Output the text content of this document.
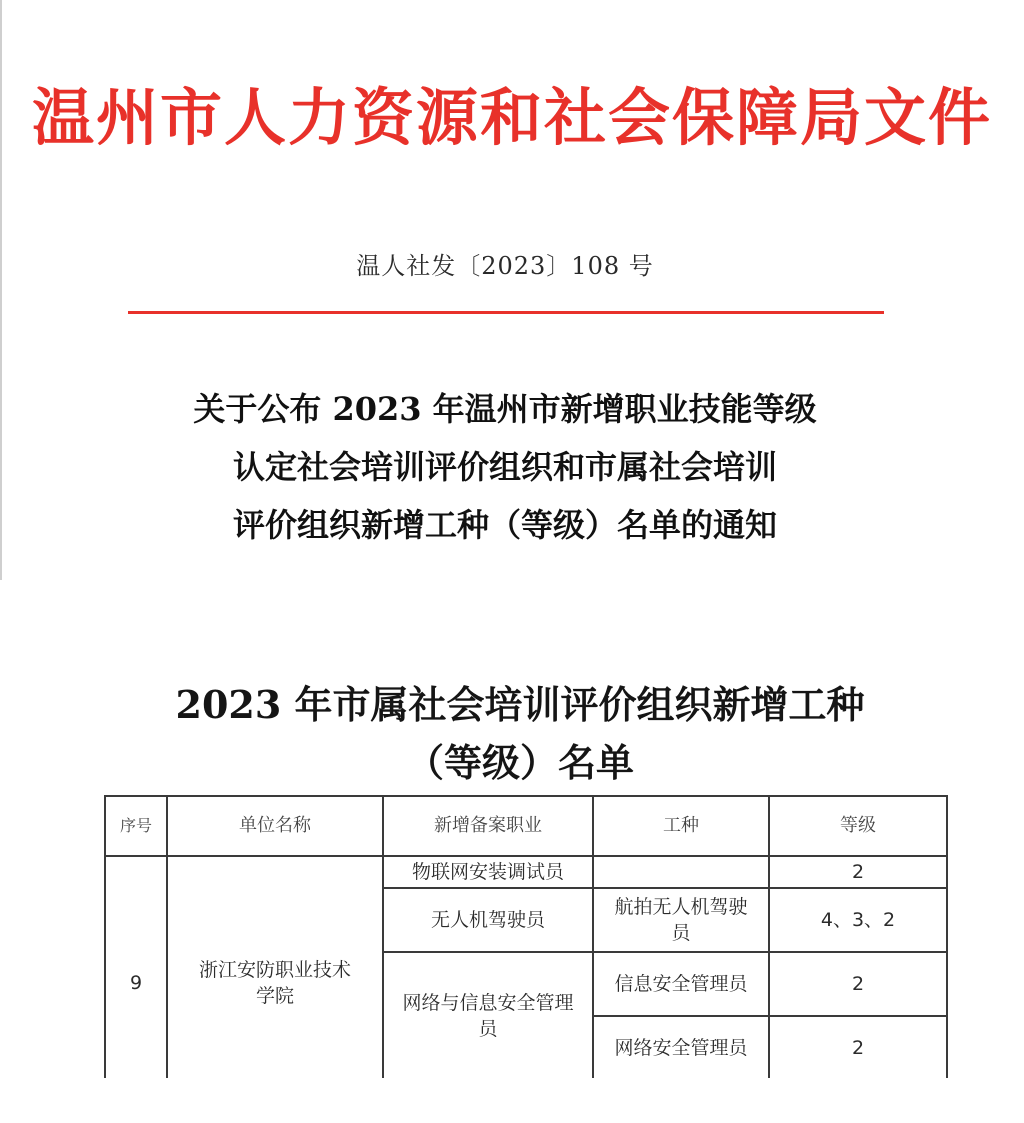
温州市人力资源和社会保障局文件
温人社发〔2023〕108 号
关于公布 2023 年温州市新增职业技能等级
认定社会培训评价组织和市属社会培训
评价组织新增工种（等级）名单的通知
2023 年市属社会培训评价组织新增工种
（等级）名单
序号	单位名称	新增备案职业	工种	等级
9	浙江安防职业技术学院	物联网安装调试员		2
		无人机驾驶员	航拍无人机驾驶员	4、3、2
		网络与信息安全管理员	信息安全管理员	2
			网络安全管理员	2
